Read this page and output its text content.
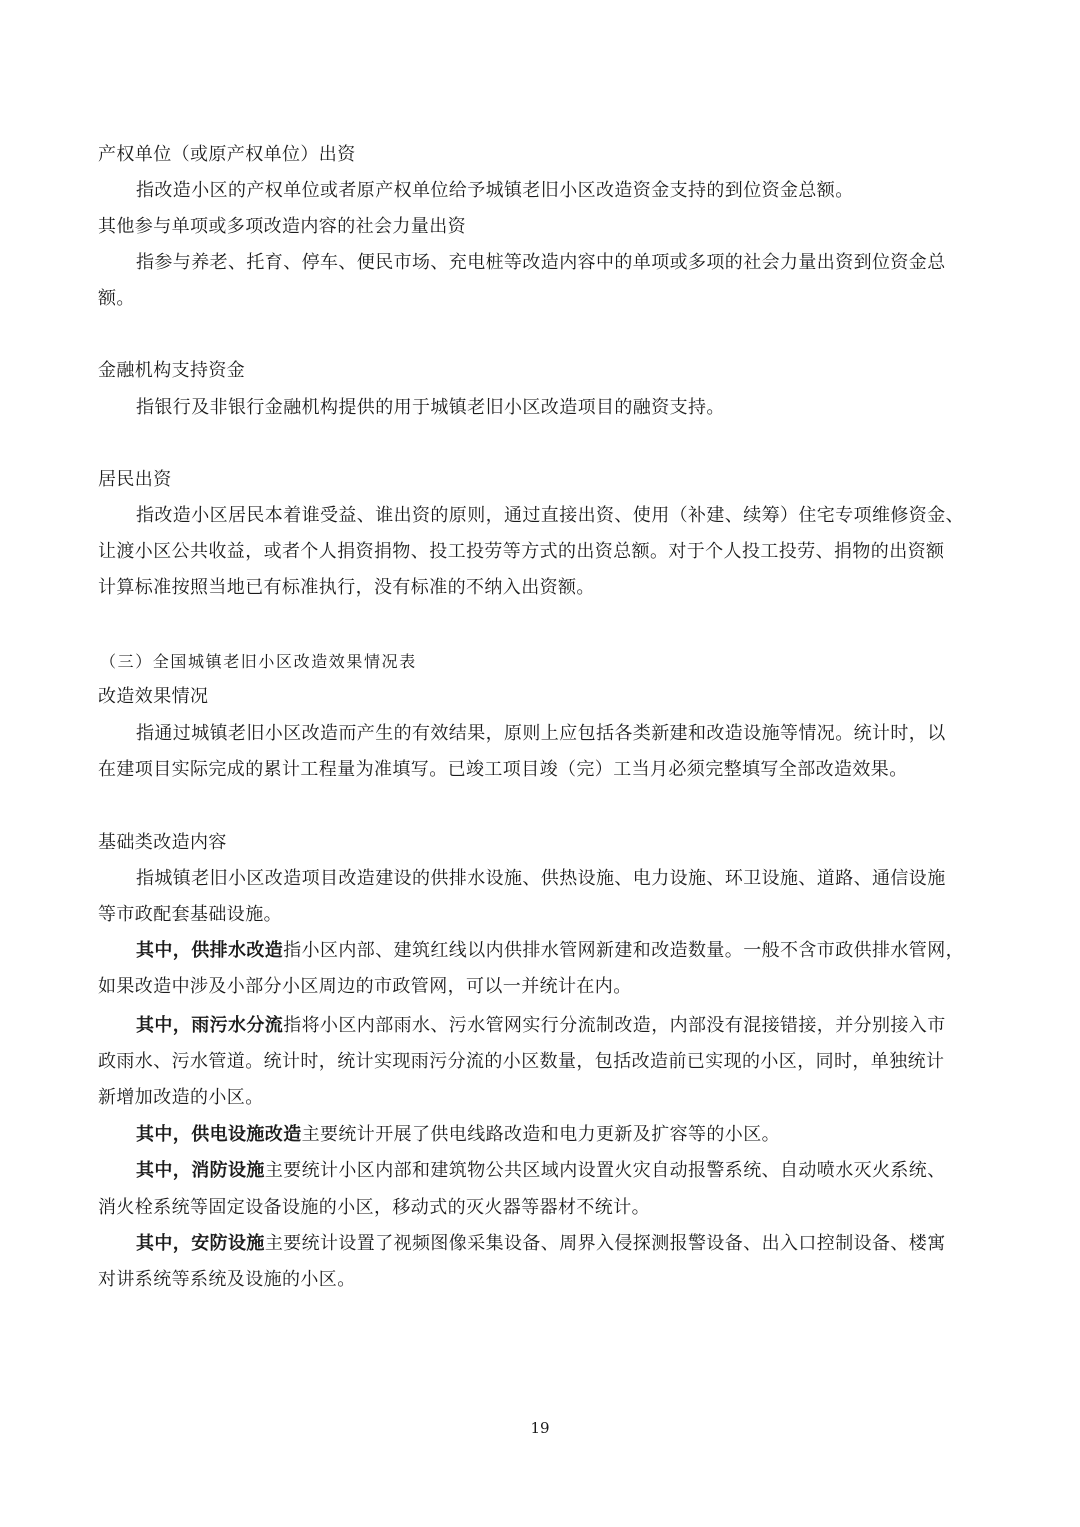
产权单位（或原产权单位）出资
指改造小区的产权单位或者原产权单位给予城镇老旧小区改造资金支持的到位资金总额。
其他参与单项或多项改造内容的社会力量出资
指参与养老、托育、停车、便民市场、充电桩等改造内容中的单项或多项的社会力量出资到位资金总
额。
金融机构支持资金
指银行及非银行金融机构提供的用于城镇老旧小区改造项目的融资支持。
居民出资
指改造小区居民本着谁受益、谁出资的原则，通过直接出资、使用（补建、续筹）住宅专项维修资金、
让渡小区公共收益，或者个人捐资捐物、投工投劳等方式的出资总额。对于个人投工投劳、捐物的出资额
计算标准按照当地已有标准执行，没有标准的不纳入出资额。
（三）全国城镇老旧小区改造效果情况表
改造效果情况
指通过城镇老旧小区改造而产生的有效结果，原则上应包括各类新建和改造设施等情况。统计时，以
在建项目实际完成的累计工程量为准填写。已竣工项目竣（完）工当月必须完整填写全部改造效果。
基础类改造内容
指城镇老旧小区改造项目改造建设的供排水设施、供热设施、电力设施、环卫设施、道路、通信设施
等市政配套基础设施。
其中，供排水改造指小区内部、建筑红线以内供排水管网新建和改造数量。一般不含市政供排水管网，
如果改造中涉及小部分小区周边的市政管网，可以一并统计在内。
其中，雨污水分流指将小区内部雨水、污水管网实行分流制改造，内部没有混接错接，并分别接入市
政雨水、污水管道。统计时，统计实现雨污分流的小区数量，包括改造前已实现的小区，同时，单独统计
新增加改造的小区。
其中，供电设施改造主要统计开展了供电线路改造和电力更新及扩容等的小区。
其中，消防设施主要统计小区内部和建筑物公共区域内设置火灾自动报警系统、自动喷水灭火系统、
消火栓系统等固定设备设施的小区，移动式的灭火器等器材不统计。
其中，安防设施主要统计设置了视频图像采集设备、周界入侵探测报警设备、出入口控制设备、楼寓
对讲系统等系统及设施的小区。
19
